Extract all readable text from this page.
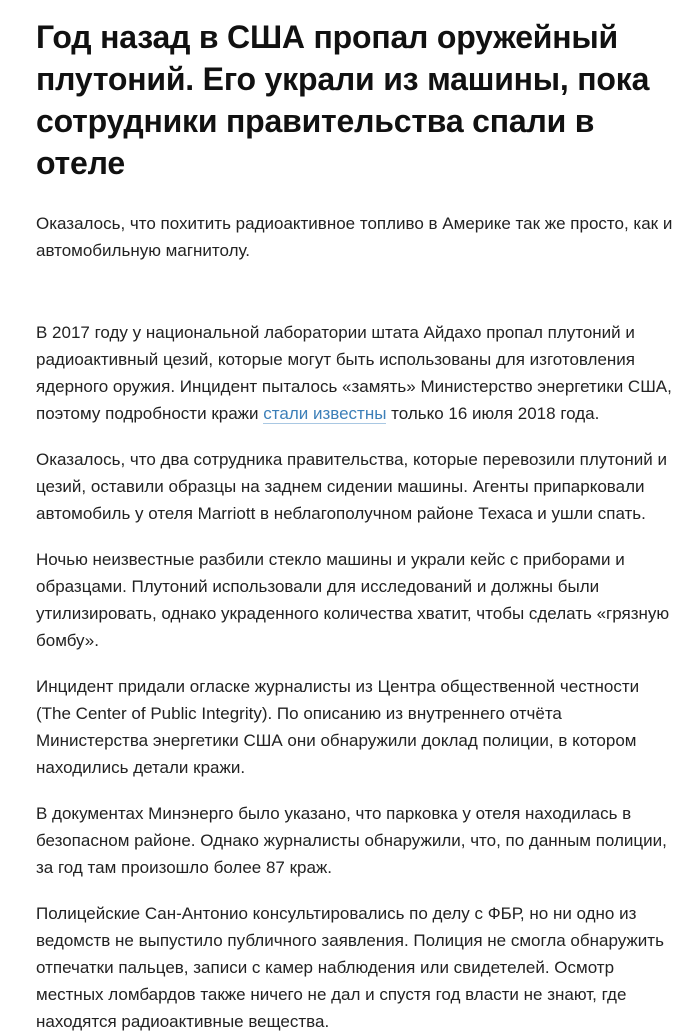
Год назад в США пропал оружейный плутоний. Его украли из машины, пока сотрудники правительства спали в отеле

Оказалось, что похитить радиоактивное топливо в Америке так же просто, как и автомобильную магнитолу.

В 2017 году у национальной лаборатории штата Айдахо пропал плутоний и радиоактивный цезий, которые могут быть использованы для изготовления ядерного оружия. Инцидент пыталось «замять» Министерство энергетики США, поэтому подробности кражи стали известны только 16 июля 2018 года.

Оказалось, что два сотрудника правительства, которые перевозили плутоний и цезий, оставили образцы на заднем сидении машины. Агенты припарковали автомобиль у отеля Marriott в неблагополучном районе Техаса и ушли спать.

Ночью неизвестные разбили стекло машины и украли кейс с приборами и образцами. Плутоний использовали для исследований и должны были утилизировать, однако украденного количества хватит, чтобы сделать «грязную бомбу».

Инцидент придали огласке журналисты из Центра общественной честности (The Center of Public Integrity). По описанию из внутреннего отчёта Министерства энергетики США они обнаружили доклад полиции, в котором находились детали кражи.

В документах Минэнерго было указано, что парковка у отеля находилась в безопасном районе. Однако журналисты обнаружили, что, по данным полиции, за год там произошло более 87 краж.

Полицейские Сан-Антонио консультировались по делу с ФБР, но ни одно из ведомств не выпустило публичного заявления. Полиция не смогла обнаружить отпечатки пальцев, записи с камер наблюдения или свидетелей. Осмотр местных ломбардов также ничего не дал и спустя год власти не знают, где находятся радиоактивные вещества.
